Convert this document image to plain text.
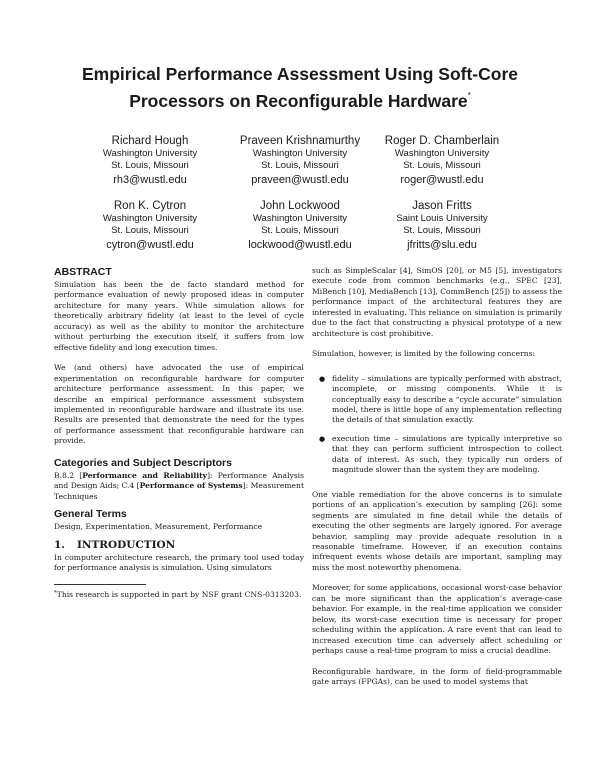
Empirical Performance Assessment Using Soft-Core
Processors on Reconfigurable Hardware*
Richard Hough
Washington University
St. Louis, Missouri
rh3@wustl.edu
Praveen Krishnamurthy
Washington University
St. Louis, Missouri
praveen@wustl.edu
Roger D. Chamberlain
Washington University
St. Louis, Missouri
roger@wustl.edu
Ron K. Cytron
Washington University
St. Louis, Missouri
cytron@wustl.edu
John Lockwood
Washington University
St. Louis, Missouri
lockwood@wustl.edu
Jason Fritts
Saint Louis University
St. Louis, Missouri
jfritts@slu.edu
ABSTRACT

Simulation has been the de facto standard method for performance evaluation of newly proposed ideas in computer architecture for many years. While simulation allows for theoretically arbitrary fidelity (at least to the level of cycle accuracy) as well as the ability to monitor the architecture without perturbing the execution itself, it suffers from low effective fidelity and long execution times.

We (and others) have advocated the use of empirical experimentation on reconfigurable hardware for computer architecture performance assessment. In this paper, we describe an empirical performance assessment subsystem implemented in reconfigurable hardware and illustrate its use. Results are presented that demonstrate the need for the types of performance assessment that reconfigurable hardware can provide.

Categories and Subject Descriptors

B.8.2 [Performance and Reliability]: Performance Analysis and Design Aids; C.4 [Performance of Systems]: Measurement Techniques

General Terms

Design, Experimentation, Measurement, Performance

1. INTRODUCTION

In computer architecture research, the primary tool used today for performance analysis is simulation. Using simulators

*This research is supported in part by NSF grant CNS-0313203.

such as SimpleScalar [4], SimOS [20], or M5 [5], investigators execute code from common benchmarks (e.g., SPEC [23], MiBench [10], MediaBench [13], CommBench [25]) to assess the performance impact of the architectural features they are interested in evaluating. This reliance on simulation is primarily due to the fact that constructing a physical prototype of a new architecture is cost prohibitive.

Simulation, however, is limited by the following concerns:

● fidelity – simulations are typically performed with abstract, incomplete, or missing components. While it is conceptually easy to describe a “cycle accurate” simulation model, there is little hope of any implementation reflecting the details of that simulation exactly.
● execution time – simulations are typically interpretive so that they can perform sufficient introspection to collect data of interest. As such, they typically run orders of magnitude slower than the system they are modeling.

One viable remediation for the above concerns is to simulate portions of an application’s execution by sampling [26]: some segments are simulated in fine detail while the details of executing the other segments are largely ignored. For average behavior, sampling may provide adequate resolution in a reasonable timeframe. However, if an execution contains infrequent events whose details are important, sampling may miss the most noteworthy phenomena.

Moreover, for some applications, occasional worst-case behavior can be more significant than the application’s average-case behavior. For example, in the real-time application we consider below, its worst-case execution time is necessary for proper scheduling within the application. A rare event that can lead to increased execution time can adversely affect scheduling or perhaps cause a real-time program to miss a crucial deadline.

Reconfigurable hardware, in the form of field-programmable gate arrays (FPGAs), can be used to model systems that
